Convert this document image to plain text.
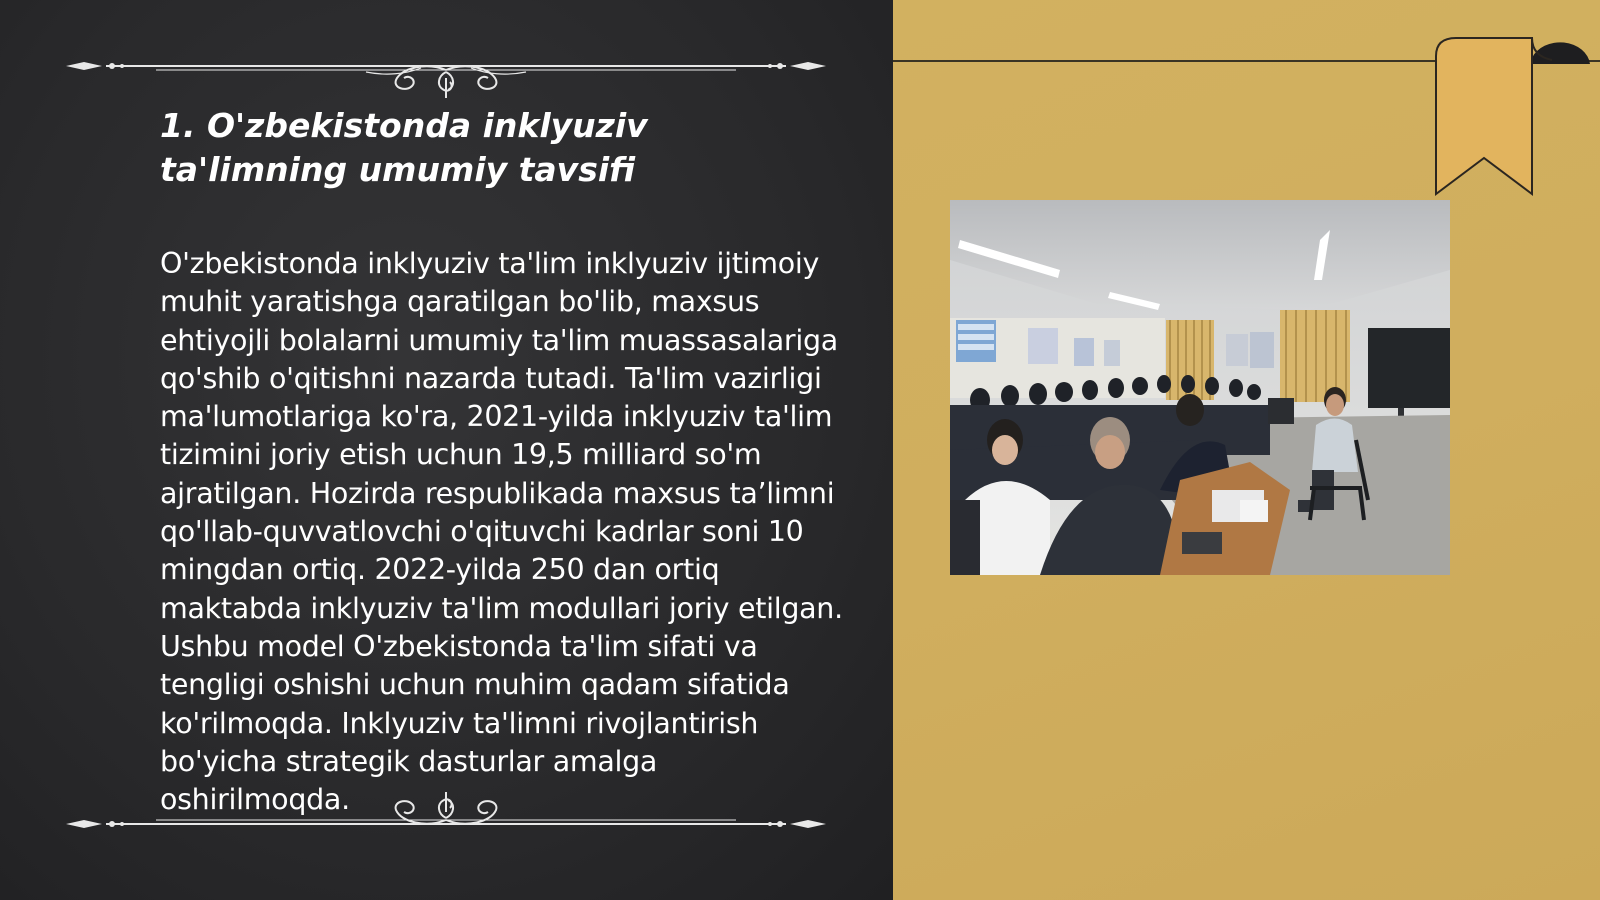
1. O'zbekistonda inklyuziv ta'limning umumiy tavsifi

O'zbekistonda inklyuziv ta'lim inklyuziv ijtimoiy muhit yaratishga qaratilgan bo'lib, maxsus ehtiyojli bolalarni umumiy ta'lim muassasalariga qo'shib o'qitishni nazarda tutadi. Ta'lim vazirligi ma'lumotlariga ko'ra, 2021-yilda inklyuziv ta'lim tizimini joriy etish uchun 19,5 milliard so'm ajratilgan. Hozirda respublikada maxsus ta’limni qo'llab-quvvatlovchi o'qituvchi kadrlar soni 10 mingdan ortiq. 2022-yilda 250 dan ortiq maktabda inklyuziv ta'lim modullari joriy etilgan. Ushbu model O'zbekistonda ta'lim sifati va tengligi oshishi uchun muhim qadam sifatida ko'rilmoqda. Inklyuziv ta'limni rivojlantirish bo'yicha strategik dasturlar amalga oshirilmoqda.
